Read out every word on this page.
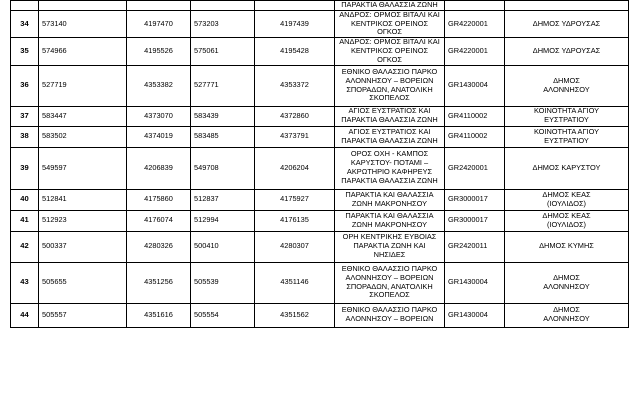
					ΠΑΡΑΚΤΙΑ ΘΑΛΑΣΣΙΑ ΖΩΝΗ		

34	573140	4197470	573203	4197439	ΑΝΔΡΟΣ: ΟΡΜΟΣ ΒΙΤΑΛΙ ΚΑΙ
ΚΕΝΤΡΙΚΟΣ ΟΡΕΙΝΟΣ ΟΓΚΟΣ	GR4220001	ΔΗΜΟΣ ΥΔΡΟΥΣΑΣ

35	574966	4195526	575061	4195428	ΑΝΔΡΟΣ: ΟΡΜΟΣ ΒΙΤΑΛΙ ΚΑΙ
ΚΕΝΤΡΙΚΟΣ ΟΡΕΙΝΟΣ ΟΓΚΟΣ	GR4220001	ΔΗΜΟΣ ΥΔΡΟΥΣΑΣ

36	527719	4353382	527771	4353372	ΕΘΝΙΚΟ ΘΑΛΑΣΣΙΟ ΠΑΡΚΟ
ΑΛΟΝΝΗΣΟΥ – ΒΟΡΕΙΩΝ
ΣΠΟΡΑΔΩΝ, ΑΝΑΤΟΛΙΚΗ
ΣΚΟΠΕΛΟΣ	GR1430004	ΔΗΜΟΣ
ΑΛΟΝΝΗΣΟΥ

37	583447	4373070	583439	4372860	ΑΓΙΟΣ ΕΥΣΤΡΑΤΙΟΣ ΚΑΙ
ΠΑΡΑΚΤΙΑ ΘΑΛΑΣΣΙΑ ΖΩΝΗ	GR4110002	ΚΟΙΝΟΤΗΤΑ ΑΓΙΟΥ
ΕΥΣΤΡΑΤΙΟΥ

38	583502	4374019	583485	4373791	ΑΓΙΟΣ ΕΥΣΤΡΑΤΙΟΣ ΚΑΙ
ΠΑΡΑΚΤΙΑ ΘΑΛΑΣΣΙΑ ΖΩΝΗ	GR4110002	ΚΟΙΝΟΤΗΤΑ ΑΓΙΟΥ
ΕΥΣΤΡΑΤΙΟΥ

39	549597	4206839	549708	4206204	ΟΡΟΣ ΟΧΗ - ΚΑΜΠΟΣ
ΚΑΡΥΣΤΟΥ- ΠΟΤΑΜΙ –
ΑΚΡΩΤΗΡΙΟ ΚΑΦΗΡΕΥΣ
ΠΑΡΑΚΤΙΑ ΘΑΛΑΣΣΙΑ ΖΩΝΗ	GR2420001	ΔΗΜΟΣ ΚΑΡΥΣΤΟΥ

40	512841	4175860	512837	4175927	ΠΑΡΑΚΤΙΑ ΚΑΙ ΘΑΛΑΣΣΙΑ
ΖΩΝΗ ΜΑΚΡΟΝΗΣΟΥ	GR3000017	ΔΗΜΟΣ ΚΕΑΣ
(ΙΟΥΛΙΔΟΣ)

41	512923	4176074	512994	4176135	ΠΑΡΑΚΤΙΑ ΚΑΙ ΘΑΛΑΣΣΙΑ
ΖΩΝΗ ΜΑΚΡΟΝΗΣΟΥ	GR3000017	ΔΗΜΟΣ ΚΕΑΣ
(ΙΟΥΛΙΔΟΣ)

42	500337	4280326	500410	4280307	ΟΡΗ ΚΕΝΤΡΙΚΗΣ ΕΥΒΟΙΑΣ
ΠΑΡΑΚΤΙΑ ΖΩΝΗ ΚΑΙ
ΝΗΣΙΔΕΣ	GR2420011	ΔΗΜΟΣ ΚΥΜΗΣ

43	505655	4351256	505539	4351146	ΕΘΝΙΚΟ ΘΑΛΑΣΣΙΟ ΠΑΡΚΟ
ΑΛΟΝΝΗΣΟΥ – ΒΟΡΕΙΩΝ
ΣΠΟΡΑΔΩΝ, ΑΝΑΤΟΛΙΚΗ
ΣΚΟΠΕΛΟΣ	GR1430004	ΔΗΜΟΣ
ΑΛΟΝΝΗΣΟΥ

44	505557	4351616	505554	4351562	ΕΘΝΙΚΟ ΘΑΛΑΣΣΙΟ ΠΑΡΚΟ
ΑΛΟΝΝΗΣΟΥ – ΒΟΡΕΙΩΝ	GR1430004	ΔΗΜΟΣ
ΑΛΟΝΝΗΣΟΥ
